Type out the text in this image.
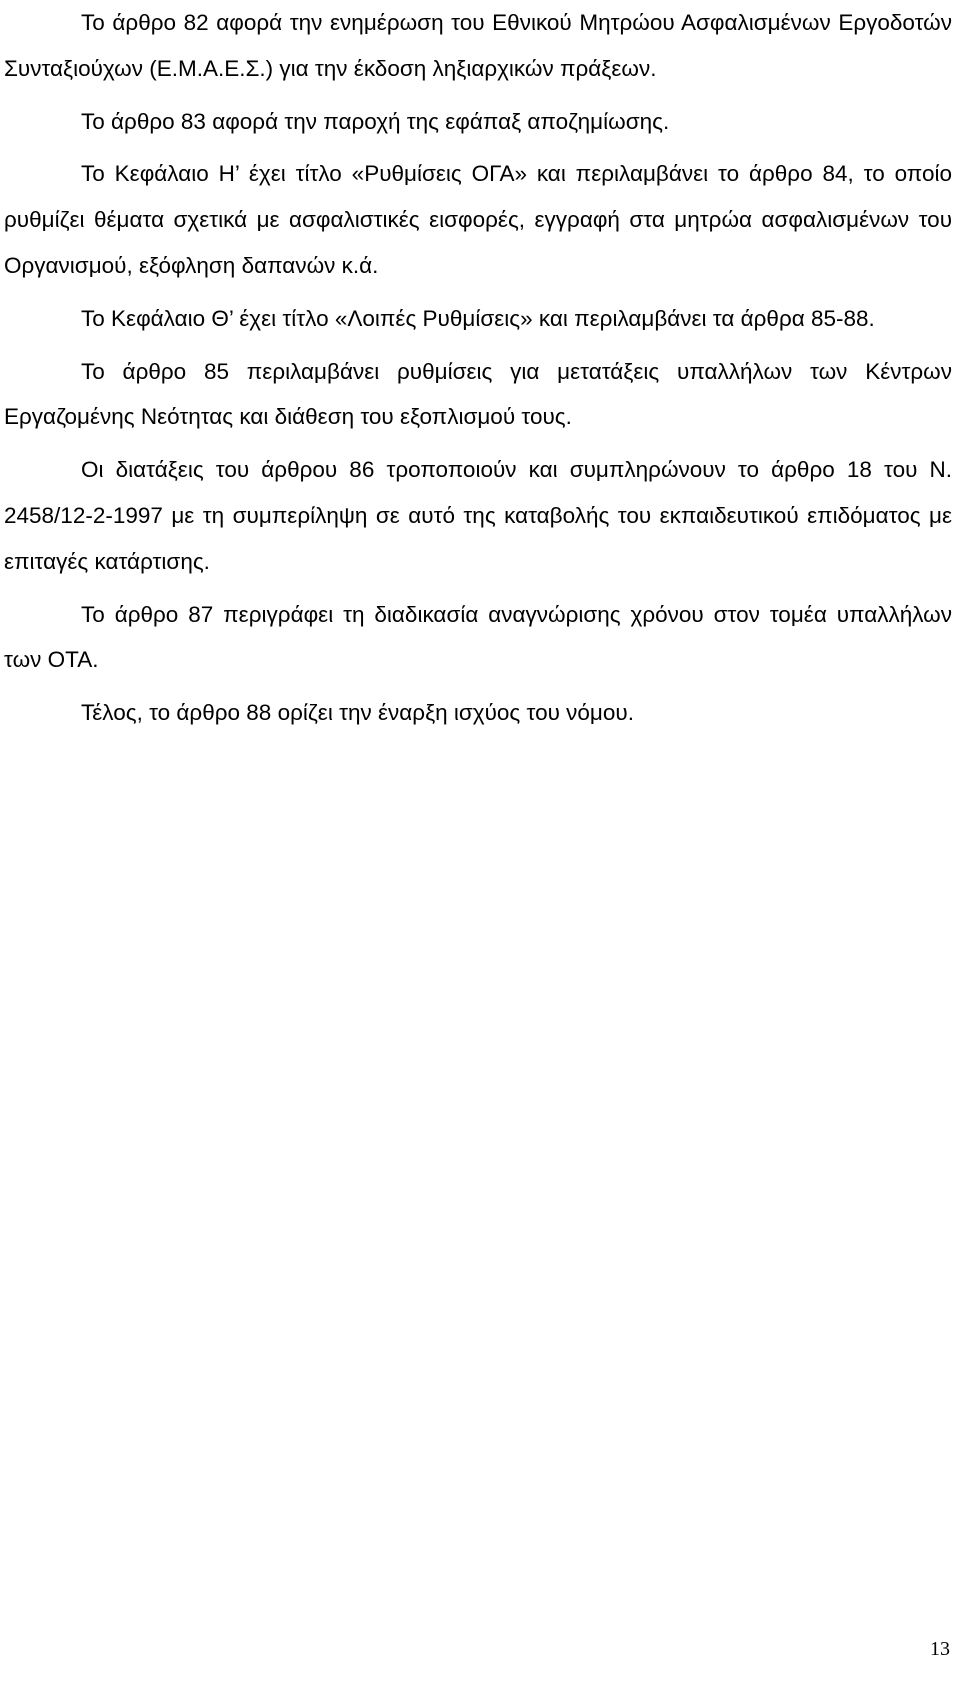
Το άρθρο 82 αφορά την ενημέρωση του Εθνικού Μητρώου Ασφαλισμένων Εργοδοτών Συνταξιούχων (Ε.Μ.Α.Ε.Σ.) για την έκδοση ληξιαρχικών πράξεων.

Το άρθρο 83 αφορά την παροχή της εφάπαξ αποζημίωσης.

Το Κεφάλαιο Η’ έχει τίτλο «Ρυθμίσεις ΟΓΑ» και περιλαμβάνει το άρθρο 84, το οποίο ρυθμίζει θέματα σχετικά με ασφαλιστικές εισφορές, εγγραφή στα μητρώα ασφαλισμένων του Οργανισμού, εξόφληση δαπανών κ.ά.

Το Κεφάλαιο Θ’ έχει τίτλο «Λοιπές Ρυθμίσεις» και περιλαμβάνει τα άρθρα 85-88.

Το άρθρο 85 περιλαμβάνει ρυθμίσεις για μετατάξεις υπαλλήλων των Κέντρων Εργαζομένης Νεότητας και διάθεση του εξοπλισμού τους.

Οι διατάξεις του άρθρου 86 τροποποιούν και συμπληρώνουν το άρθρο 18 του Ν. 2458/12-2-1997 με τη συμπερίληψη σε αυτό της καταβολής του εκπαιδευτικού επιδόματος με επιταγές κατάρτισης.

Το άρθρο 87 περιγράφει τη διαδικασία αναγνώρισης χρόνου στον τομέα υπαλλήλων των ΟΤΑ.

Τέλος, το άρθρο 88 ορίζει την έναρξη ισχύος του νόμου.

13
